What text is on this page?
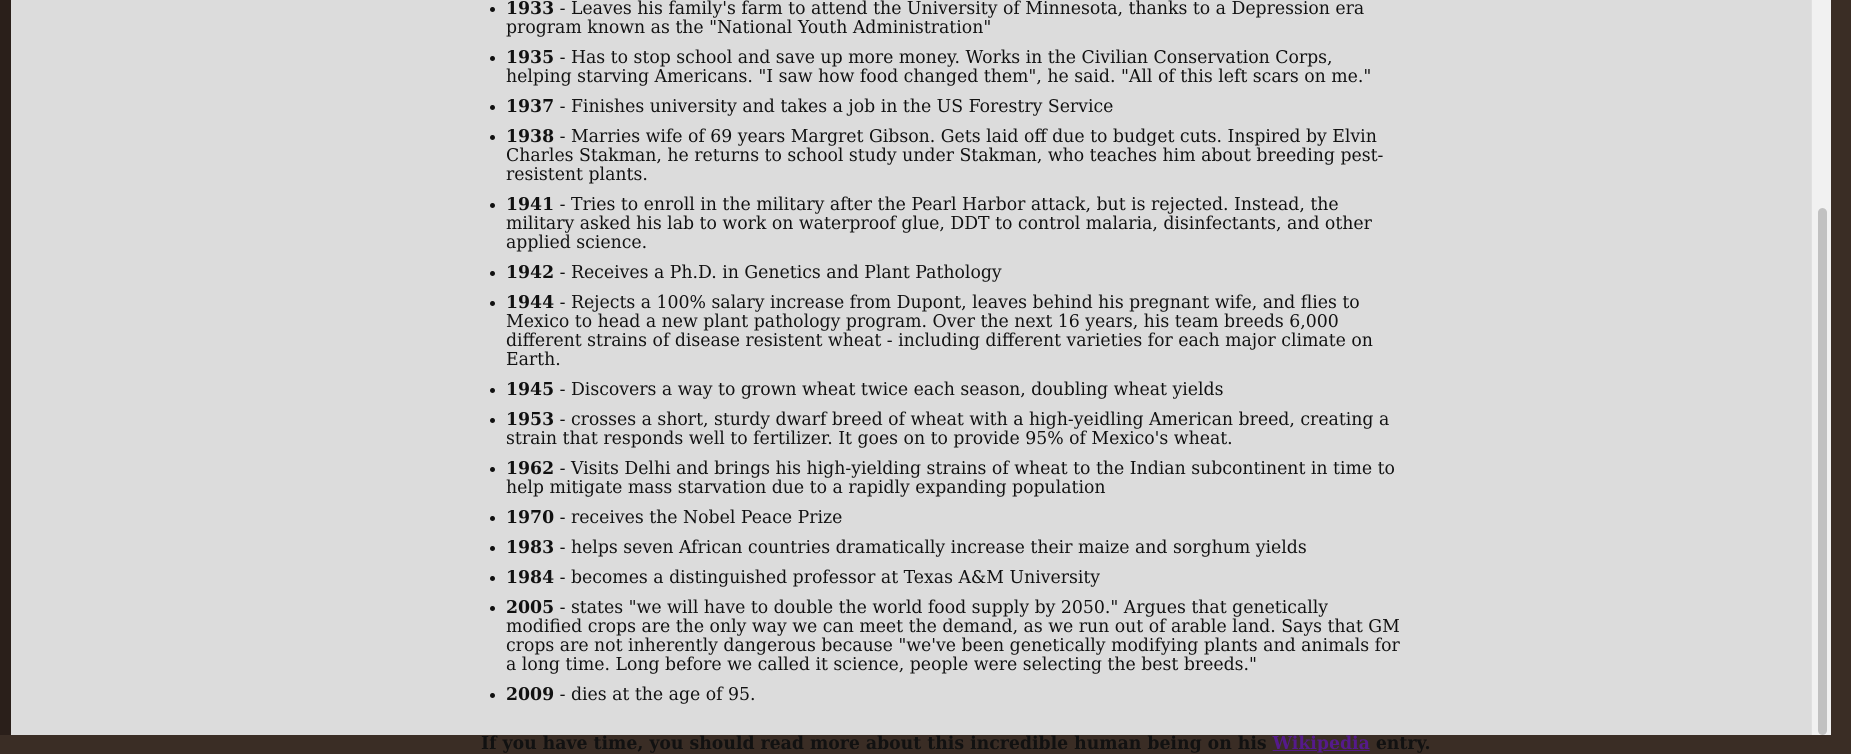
• 1933 - Leaves his family's farm to attend the University of Minnesota, thanks to a Depression era program known as the "National Youth Administration"
• 1935 - Has to stop school and save up more money. Works in the Civilian Conservation Corps, helping starving Americans. "I saw how food changed them", he said. "All of this left scars on me."
• 1937 - Finishes university and takes a job in the US Forestry Service
• 1938 - Marries wife of 69 years Margret Gibson. Gets laid off due to budget cuts. Inspired by Elvin Charles Stakman, he returns to school study under Stakman, who teaches him about breeding pest-resistent plants.
• 1941 - Tries to enroll in the military after the Pearl Harbor attack, but is rejected. Instead, the military asked his lab to work on waterproof glue, DDT to control malaria, disinfectants, and other applied science.
• 1942 - Receives a Ph.D. in Genetics and Plant Pathology
• 1944 - Rejects a 100% salary increase from Dupont, leaves behind his pregnant wife, and flies to Mexico to head a new plant pathology program. Over the next 16 years, his team breeds 6,000 different strains of disease resistent wheat - including different varieties for each major climate on Earth.
• 1945 - Discovers a way to grown wheat twice each season, doubling wheat yields
• 1953 - crosses a short, sturdy dwarf breed of wheat with a high-yeidling American breed, creating a strain that responds well to fertilizer. It goes on to provide 95% of Mexico's wheat.
• 1962 - Visits Delhi and brings his high-yielding strains of wheat to the Indian subcontinent in time to help mitigate mass starvation due to a rapidly expanding population
• 1970 - receives the Nobel Peace Prize
• 1983 - helps seven African countries dramatically increase their maize and sorghum yields
• 1984 - becomes a distinguished professor at Texas A&M University
• 2005 - states "we will have to double the world food supply by 2050." Argues that genetically modified crops are the only way we can meet the demand, as we run out of arable land. Says that GM crops are not inherently dangerous because "we've been genetically modifying plants and animals for a long time. Long before we called it science, people were selecting the best breeds."
• 2009 - dies at the age of 95.

If you have time, you should read more about this incredible human being on his Wikipedia entry.
